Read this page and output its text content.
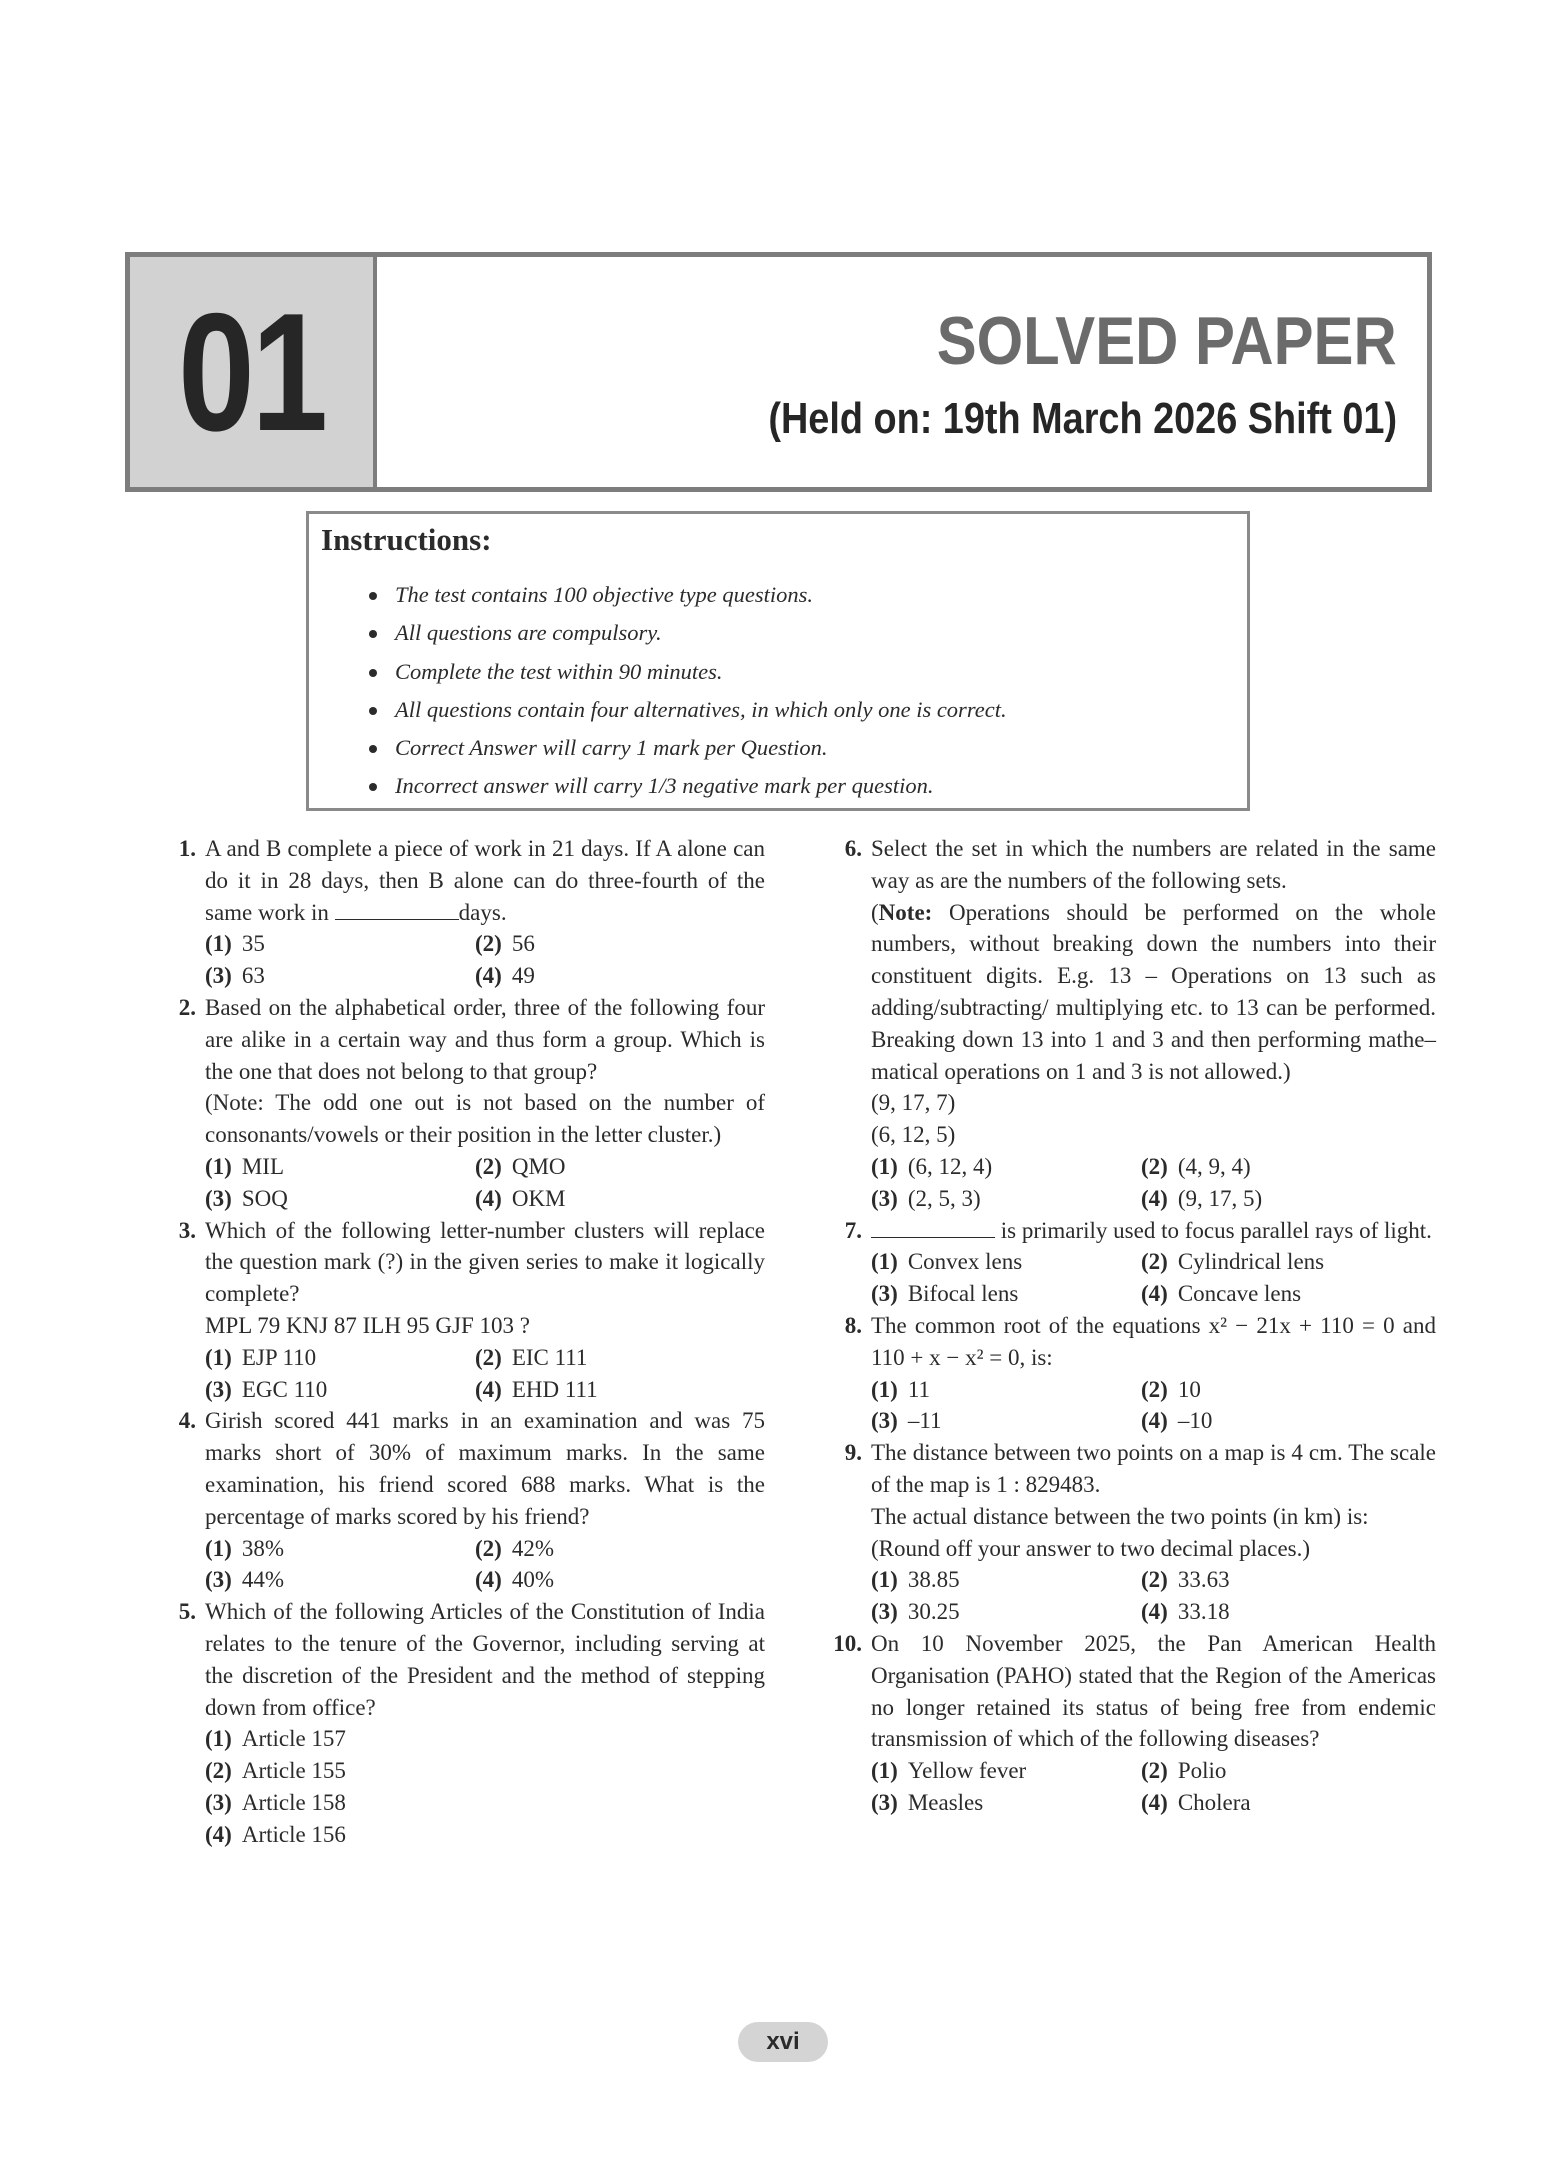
01	SOLVED PAPER
(Held on: 19th March 2026 Shift 01)
Instructions:
The test contains 100 objective type questions.
All questions are compulsory.
Complete the test within 90 minutes.
All questions contain four alternatives, in which only one is correct.
Correct Answer will carry 1 mark per Question.
Incorrect answer will carry 1/3 negative mark per question.
1. A and B complete a piece of work in 21 days. If A alone can do it in 28 days, then B alone can do three-fourth of the same work in	days.
(1) 35	(2) 56
(3) 63	(4) 49
2. Based on the alphabetical order, three of the following four are alike in a certain way and thus form a group. Which is the one that does not belong to that group?
(Note: The odd one out is not based on the number of consonants/vowels or their position in the letter cluster.)
(1) MIL	(2) QMO
(3) SOQ	(4) OKM
3. Which of the following letter-number clusters will replace the question mark (?) in the given series to make it logically complete?
MPL 79 KNJ 87 ILH 95 GJF 103 ?
(1) EJP 110	(2) EIC 111
(3) EGC 110	(4) EHD 111
4. Girish scored 441 marks in an examination and was 75 marks short of 30% of maximum marks. In the same examination, his friend scored 688 marks. What is the percentage of marks scored by his friend?
(1) 38%	(2) 42%
(3) 44%	(4) 40%
5. Which of the following Articles of the Constitution of India relates to the tenure of the Governor, including serving at the discretion of the President and the method of stepping down from office?
(1) Article 157
(2) Article 155
(3) Article 158
(4) Article 156
6. Select the set in which the numbers are related in the same way as are the numbers of the following sets.
(Note: Operations should be performed on the whole numbers, without breaking down the numbers into their constituent digits. E.g. 13 – Operations on 13 such as adding/subtracting/ multiplying etc. to 13 can be performed. Breaking down 13 into 1 and 3 and then performing mathe– matical operations on 1 and 3 is not allowed.)
(9, 17, 7)
(6, 12, 5)
(1) (6, 12, 4)	(2) (4, 9, 4)
(3) (2, 5, 3)	(4) (9, 17, 5)
7.	is primarily used to focus parallel rays of light.
(1) Convex lens	(2) Cylindrical lens
(3) Bifocal lens	(4) Concave lens
8. The common root of the equations x² − 21x + 110 = 0 and 110 + x − x² = 0, is:
(1) 11	(2) 10
(3) –11	(4) –10
9. The distance between two points on a map is 4 cm. The scale of the map is 1 : 829483.
The actual distance between the two points (in km) is:
(Round off your answer to two decimal places.)
(1) 38.85	(2) 33.63
(3) 30.25	(4) 33.18
10. On 10 November 2025, the Pan American Health Organisation (PAHO) stated that the Region of the Americas no longer retained its status of being free from endemic transmission of which of the following diseases?
(1) Yellow fever	(2) Polio
(3) Measles	(4) Cholera
xvi
